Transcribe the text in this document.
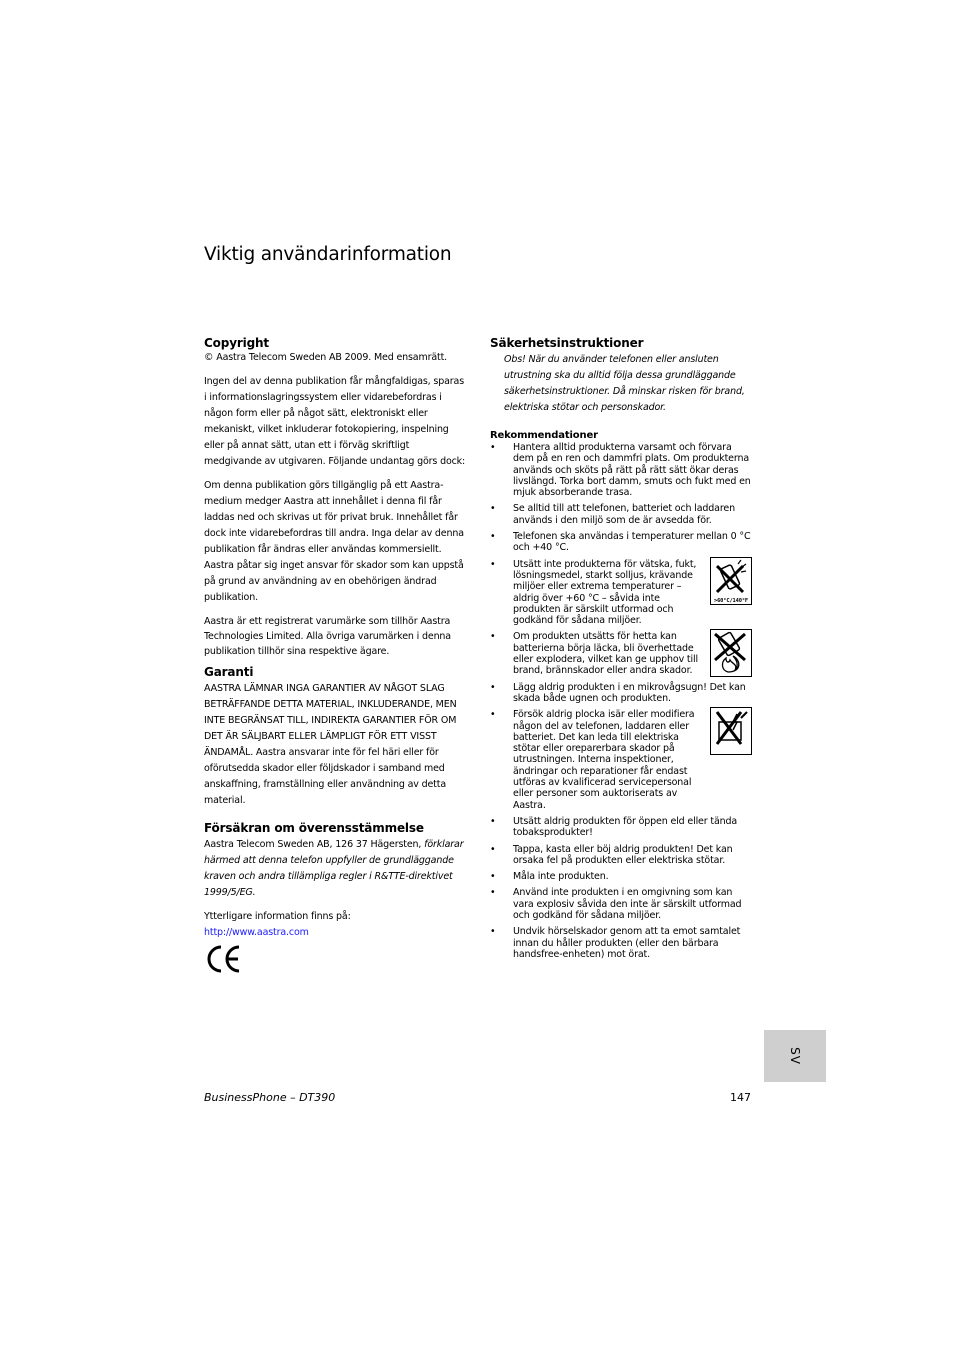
Viktig användarinformation
Copyright

© Aastra Telecom Sweden AB 2009. Med ensamrätt.

Ingen del av denna publikation får mångfaldigas, sparas i informationslagringssystem eller vidarebefordras i någon form eller på något sätt, elektroniskt eller mekaniskt, vilket inkluderar fotokopiering, inspelning eller på annat sätt, utan ett i förväg skriftligt medgivande av utgivaren. Följande undantag görs dock:

Om denna publikation görs tillgänglig på ett Aastra-medium medger Aastra att innehållet i denna fil får laddas ned och skrivas ut för privat bruk. Innehållet får dock inte vidarebefordras till andra. Inga delar av denna publikation får ändras eller användas kommersiellt. Aastra påtar sig inget ansvar för skador som kan uppstå på grund av användning av en obehörigen ändrad publikation.

Aastra är ett registrerat varumärke som tillhör Aastra Technologies Limited. Alla övriga varumärken i denna publikation tillhör sina respektive ägare.

Garanti

AASTRA LÄMNAR INGA GARANTIER AV NÅGOT SLAG BETRÄFFANDE DETTA MATERIAL, INKLUDERANDE, MEN INTE BEGRÄNSAT TILL, INDIREKTA GARANTIER FÖR OM DET ÄR SÄLJBART ELLER LÄMPLIGT FÖR ETT VISST ÄNDAMÅL. Aastra ansvarar inte för fel häri eller för oförutsedda skador eller följdskador i samband med anskaffning, framställning eller användning av detta material.

Försäkran om överensstämmelse

Aastra Telecom Sweden AB, 126 37 Hägersten, förklarar härmed att denna telefon uppfyller de grundläggande kraven och andra tillämpliga regler i R&TTE-direktivet 1999/5/EG.

Ytterligare information finns på:

http://www.aastra.com

Säkerhetsinstruktioner

Obs! När du använder telefonen eller ansluten utrustning ska du alltid följa dessa grundläggande säkerhetsinstruktioner. Då minskar risken för brand, elektriska stötar och personskador.

Rekommendationer
• Hantera alltid produkterna varsamt och förvara dem på en ren och dammfri plats. Om produkterna används och sköts på rätt på rätt sätt ökar deras livslängd. Torka bort damm, smuts och fukt med en mjuk absorberande trasa.
• Se alltid till att telefonen, batteriet och laddaren används i den miljö som de är avsedda för.
• Telefonen ska användas i temperaturer mellan 0 °C och +40 °C.
• Utsätt inte produkterna för vätska, fukt, lösningsmedel, starkt solljus, krävande miljöer eller extrema temperaturer – aldrig över +60 °C – såvida inte produkten är särskilt utformad och godkänd för sådana miljöer.
>60°C/140°F
• Om produkten utsätts för hetta kan batterierna börja läcka, bli överhettade eller explodera, vilket kan ge upphov till brand, brännskador eller andra skador.
• Lägg aldrig produkten i en mikrovågsugn! Det kan skada både ugnen och produkten.
• Försök aldrig plocka isär eller modifiera någon del av telefonen, laddaren eller batteriet. Det kan leda till elektriska stötar eller oreparerbara skador på utrustningen. Interna inspektioner, ändringar och reparationer får endast utföras av kvalificerad servicepersonal eller personer som auktoriserats av Aastra.
• Utsätt aldrig produkten för öppen eld eller tända tobaksprodukter!
• Tappa, kasta eller böj aldrig produkten! Det kan orsaka fel på produkten eller elektriska stötar.
• Måla inte produkten.
• Använd inte produkten i en omgivning som kan vara explosiv såvida den inte är särskilt utformad och godkänd för sådana miljöer.
• Undvik hörselskador genom att ta emot samtalet innan du håller produkten (eller den bärbara handsfree-enheten) mot örat.
SV
BusinessPhone – DT390	147
